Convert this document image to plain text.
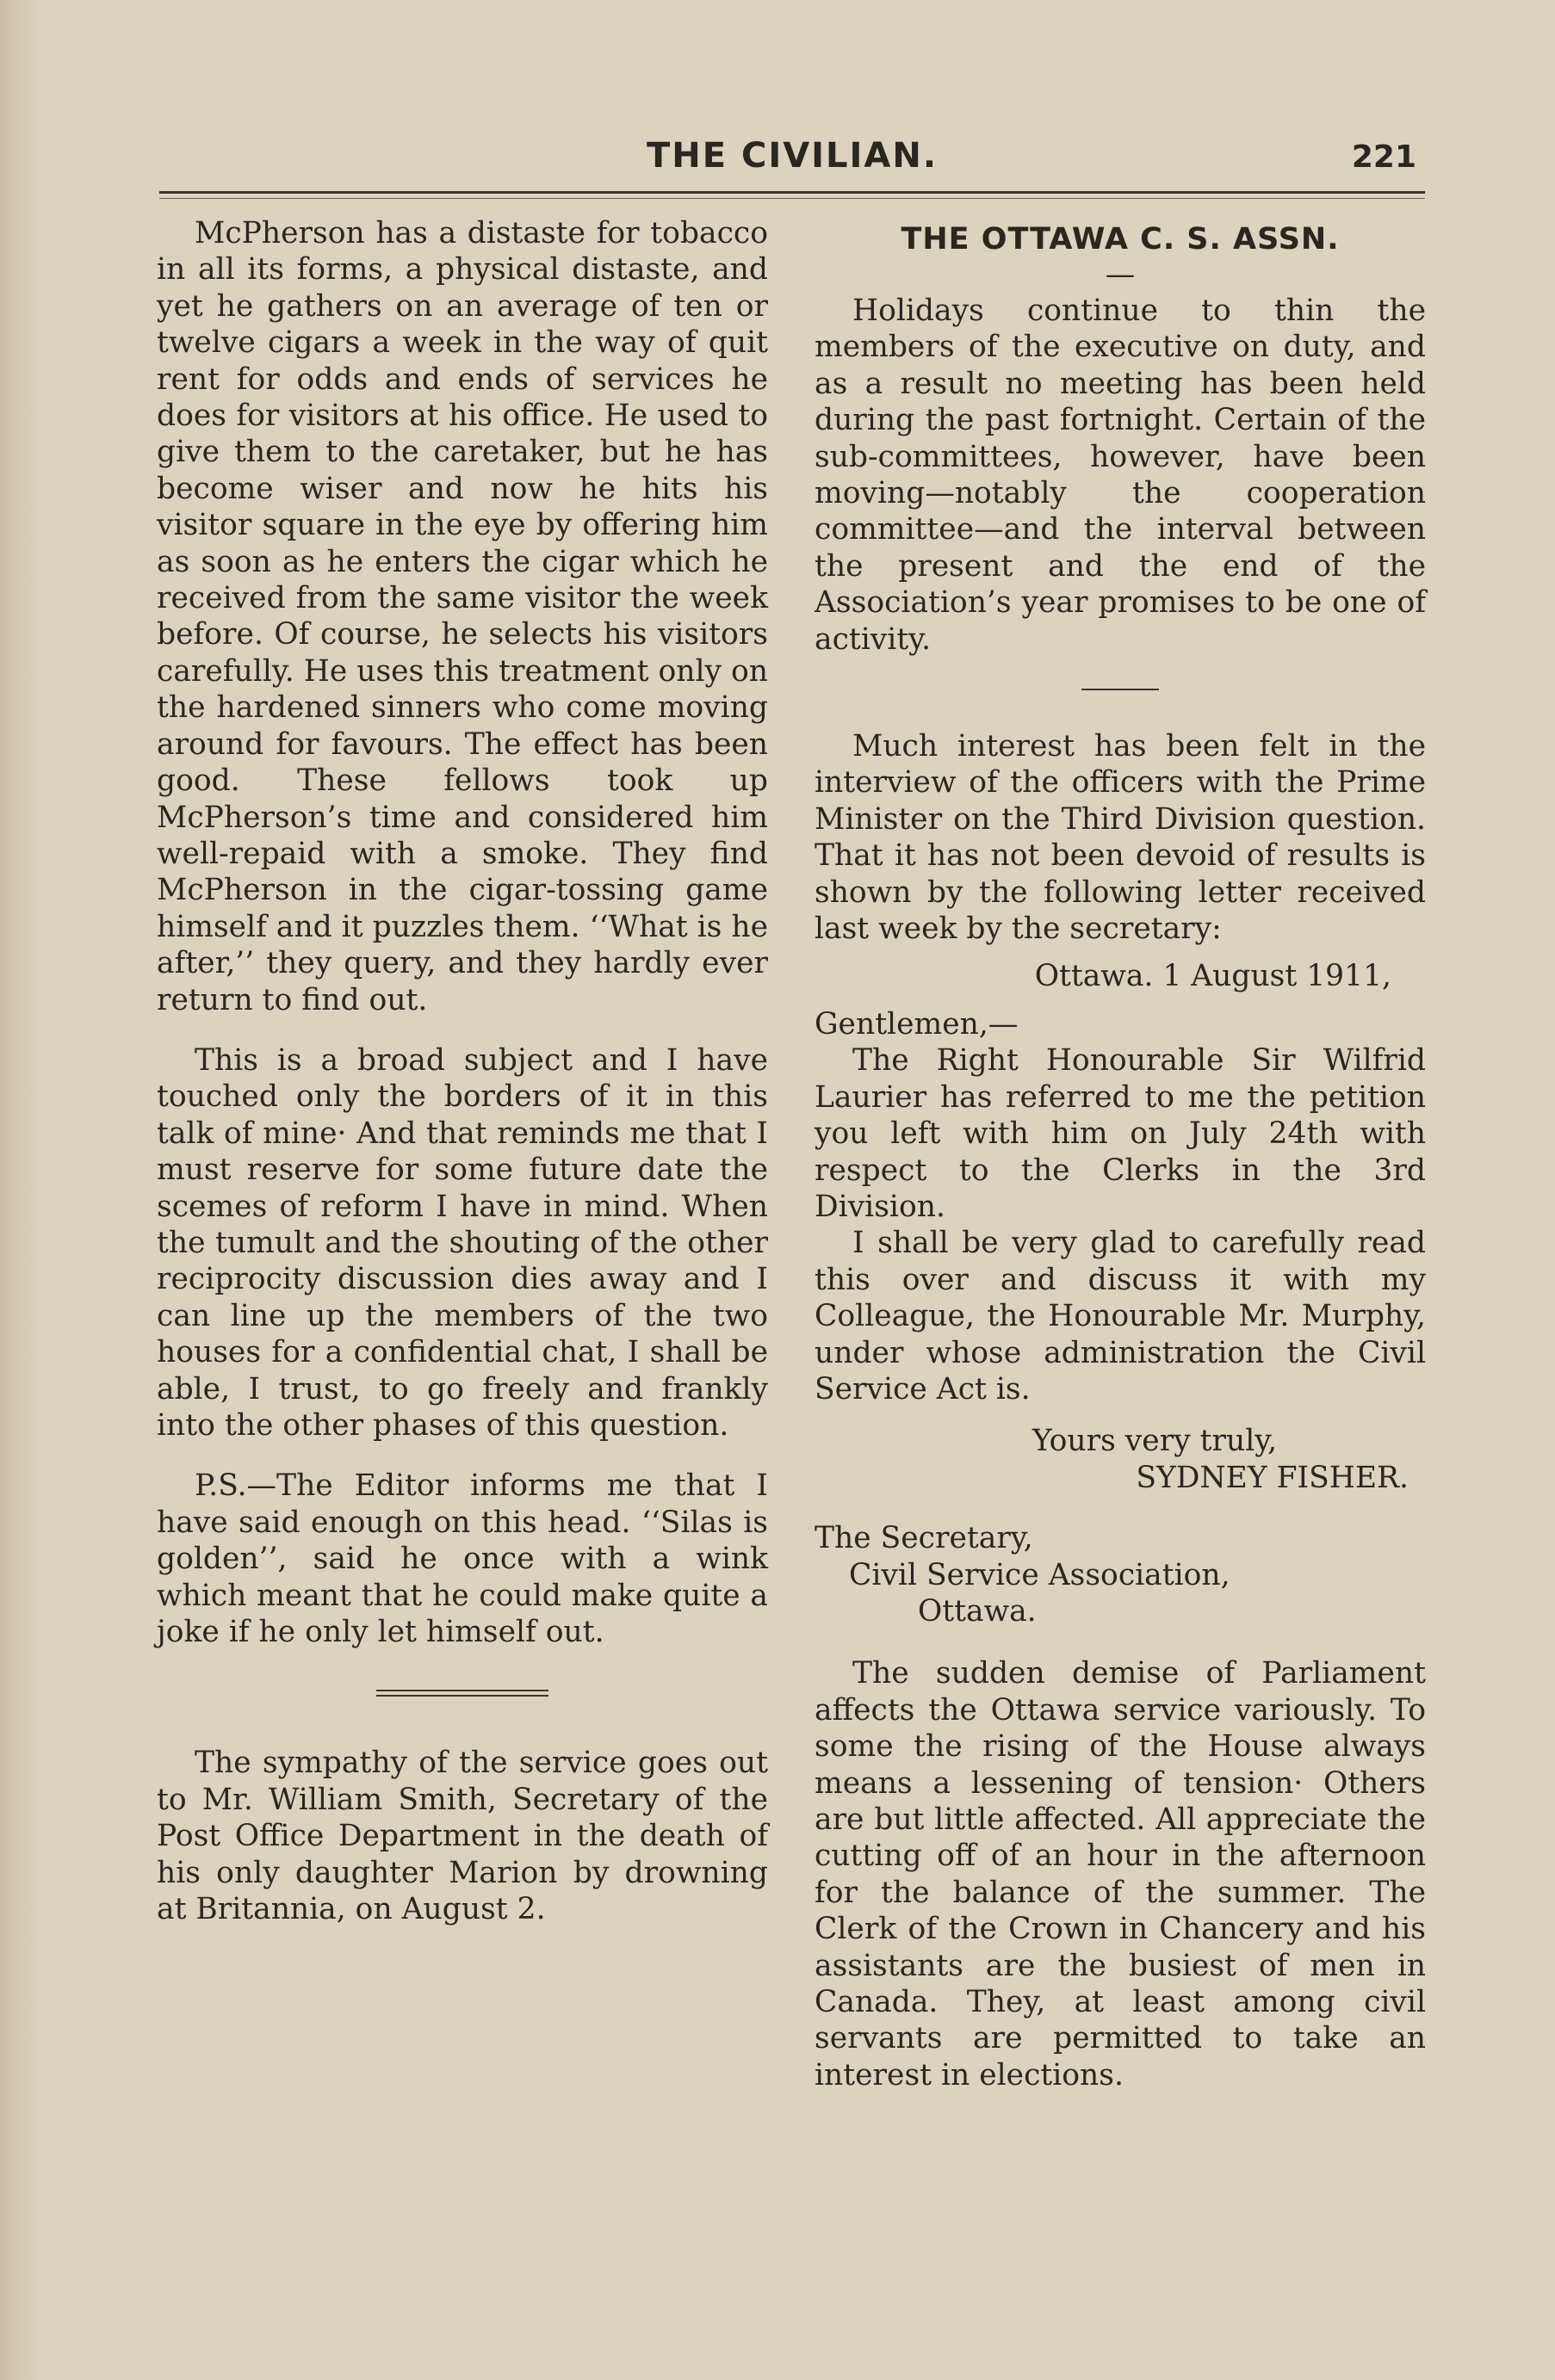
THE CIVILIAN.	221

McPherson has a distaste for tobacco in all its forms, a physical distaste, and yet he gathers on an average of ten or twelve cigars a week in the way of quit rent for odds and ends of services he does for visitors at his office. He used to give them to the caretaker, but he has become wiser and now he hits his visitor square in the eye by offering him as soon as he enters the cigar which he received from the same visitor the week before. Of course, he selects his visitors carefully. He uses this treatment only on the hardened sinners who come moving around for favours. The effect has been good. These fellows took up McPherson’s time and considered him well-repaid with a smoke. They find McPherson in the cigar-tossing game himself and it puzzles them. ‘‘What is he after,’’ they query, and they hardly ever return to find out.

This is a broad subject and I have touched only the borders of it in this talk of mine· And that reminds me that I must reserve for some future date the scemes of reform I have in mind. When the tumult and the shouting of the other reciprocity discussion dies away and I can line up the members of the two houses for a confidential chat, I shall be able, I trust, to go freely and frankly into the other phases of this question.

P.S.—The Editor informs me that I have said enough on this head. ‘‘Silas is golden’’, said he once with a wink which meant that he could make quite a joke if he only let himself out.

The sympathy of the service goes out to Mr. William Smith, Secretary of the Post Office Department in the death of his only daughter Marion by drowning at Britannia, on August 2.

THE OTTAWA C. S. ASSN.
—

Holidays continue to thin the members of the executive on duty, and as a result no meeting has been held during the past fortnight. Certain of the sub-committees, however, have been moving—notably the cooperation committee—and the interval between the present and the end of the Association’s year promises to be one of activity.

Much interest has been felt in the interview of the officers with the Prime Minister on the Third Division question. That it has not been devoid of results is shown by the following letter received last week by the secretary:

Ottawa. 1 August 1911,

Gentlemen,—

The Right Honourable Sir Wilfrid Laurier has referred to me the petition you left with him on July 24th with respect to the Clerks in the 3rd Division.

I shall be very glad to carefully read this over and discuss it with my Colleague, the Honourable Mr. Murphy, under whose administration the Civil Service Act is.

Yours very truly,

SYDNEY FISHER.

The Secretary,

Civil Service Association,

Ottawa.

The sudden demise of Parliament affects the Ottawa service variously. To some the rising of the House always means a lessening of tension· Others are but little affected. All appreciate the cutting off of an hour in the afternoon for the balance of the summer. The Clerk of the Crown in Chancery and his assistants are the busiest of men in Canada. They, at least among civil servants are permitted to take an interest in elections.
